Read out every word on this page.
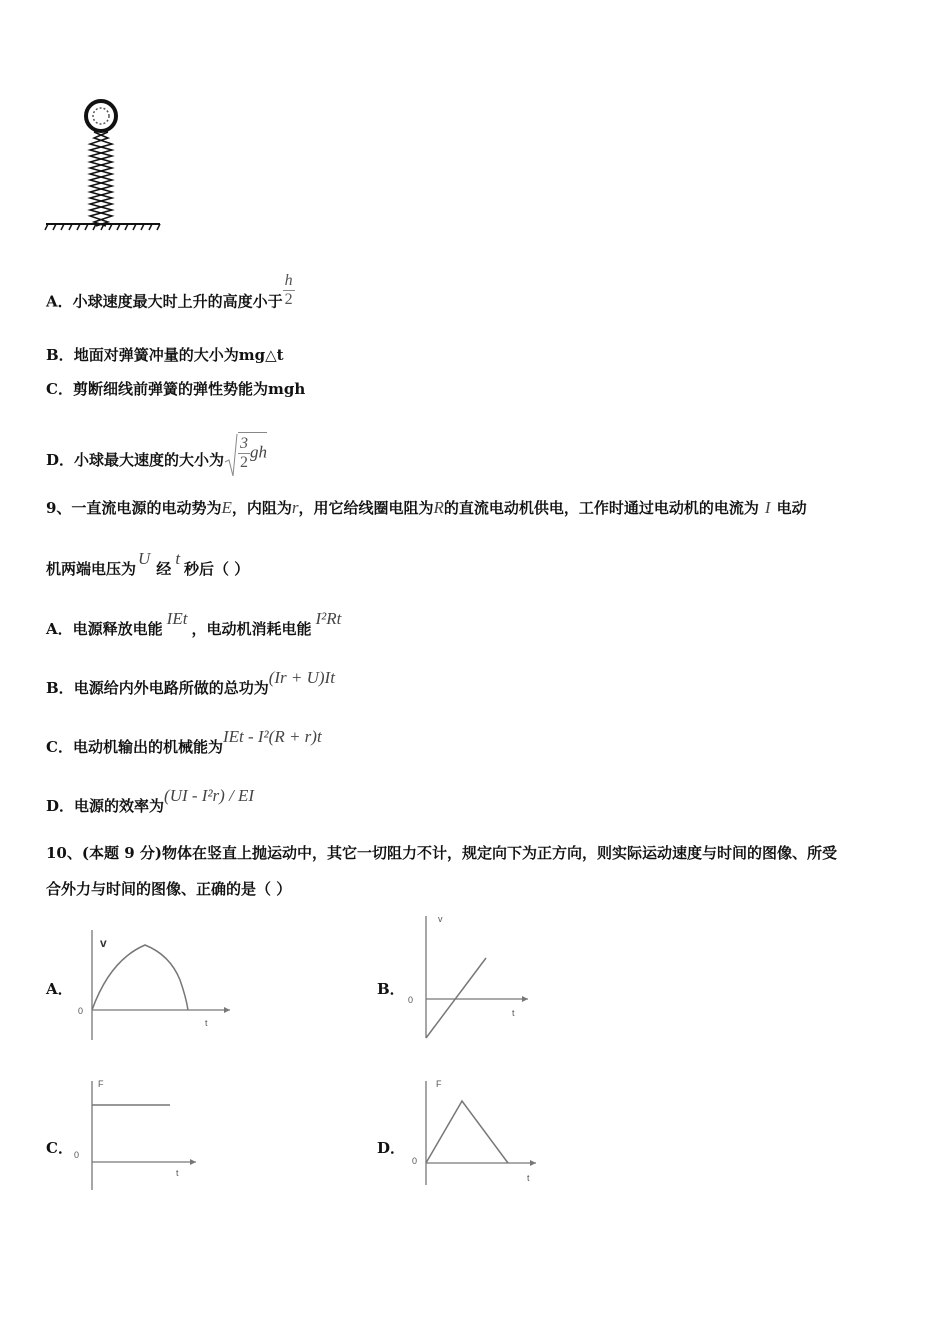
A．小球速度最大时上升的高度小于 $\frac{h}{2}$
B．地面对弹簧冲量的大小为mg△t
C．剪断细线前弹簧的弹性势能为mgh
D．小球最大速度的大小为 $\frac{3}{2}$ gh
9、一直流电源的电动势为E，内阻为r，用它给线圈电阻为R的直流电动机供电，工作时通过电动机的电流为 I 电动
机两端电压为U经t秒后（ ）
A．电源释放电能IEt，电动机消耗电能I²Rt
B．电源给内外电路所做的总功为(Ir + U)It
C．电动机输出的机械能为IEt - I²(R + r)t
D．电源的效率为(UI - I²r) / EI
10、(本题 9 分)物体在竖直上抛运动中，其它一切阻力不计，规定向下为正方向，则实际运动速度与时间的图像、所受
合外力与时间的图像、正确的是（ ）
A．
v
0
t
B．
v
0
t
C．
F
0
t
D．
F
0
t
